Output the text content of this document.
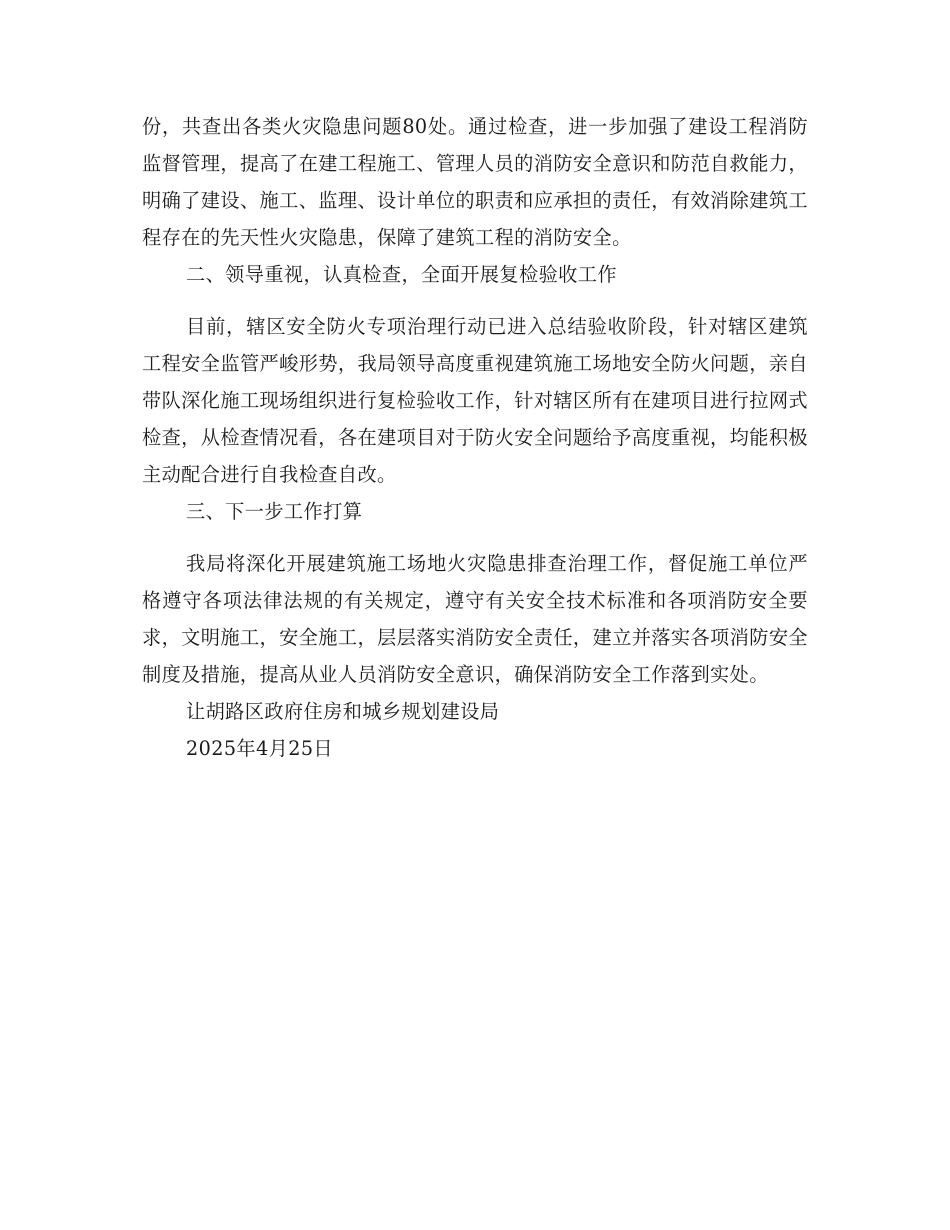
份，共查出各类火灾隐患问题80处。通过检查，进一步加强了建设工程消防监督管理，提高了在建工程施工、管理人员的消防安全意识和防范自救能力，明确了建设、施工、监理、设计单位的职责和应承担的责任，有效消除建筑工程存在的先天性火灾隐患，保障了建筑工程的消防安全。

二、领导重视，认真检查，全面开展复检验收工作

目前，辖区安全防火专项治理行动已进入总结验收阶段，针对辖区建筑工程安全监管严峻形势，我局领导高度重视建筑施工场地安全防火问题，亲自带队深化施工现场组织进行复检验收工作，针对辖区所有在建项目进行拉网式检查，从检查情况看，各在建项目对于防火安全问题给予高度重视，均能积极主动配合进行自我检查自改。

三、下一步工作打算

我局将深化开展建筑施工场地火灾隐患排查治理工作，督促施工单位严格遵守各项法律法规的有关规定，遵守有关安全技术标准和各项消防安全要求，文明施工，安全施工，层层落实消防安全责任，建立并落实各项消防安全制度及措施，提高从业人员消防安全意识，确保消防安全工作落到实处。

让胡路区政府住房和城乡规划建设局

2025年4月25日
